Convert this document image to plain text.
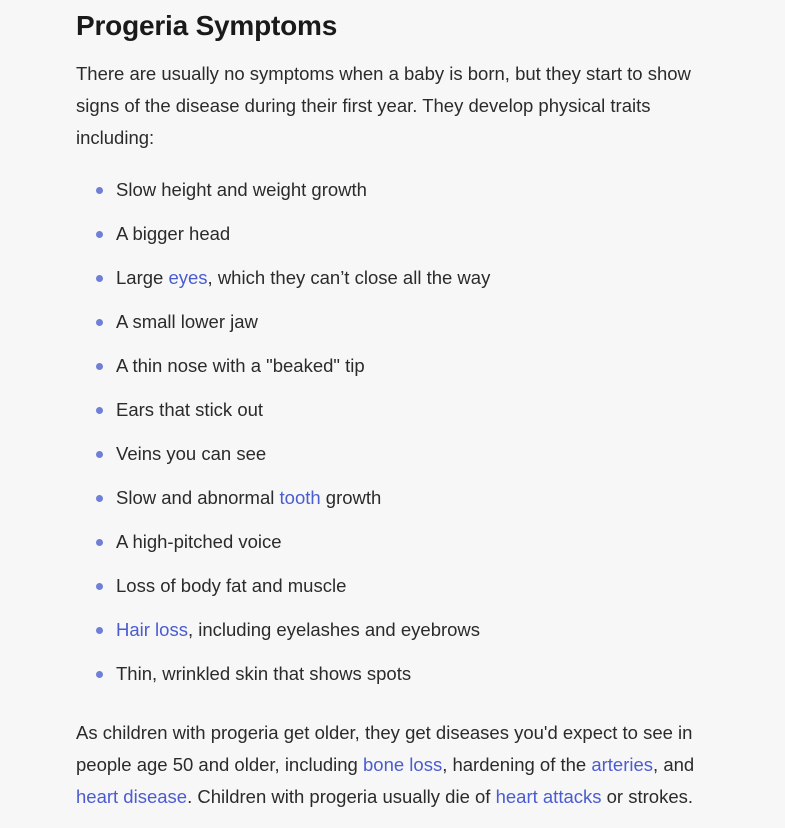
Progeria Symptoms

There are usually no symptoms when a baby is born, but they start to show signs of the disease during their first year. They develop physical traits including:

Slow height and weight growth
A bigger head
Large eyes, which they can’t close all the way
A small lower jaw
A thin nose with a "beaked" tip
Ears that stick out
Veins you can see
Slow and abnormal tooth growth
A high-pitched voice
Loss of body fat and muscle
Hair loss, including eyelashes and eyebrows
Thin, wrinkled skin that shows spots

As children with progeria get older, they get diseases you'd expect to see in people age 50 and older, including bone loss, hardening of the arteries, and heart disease. Children with progeria usually die of heart attacks or strokes.
